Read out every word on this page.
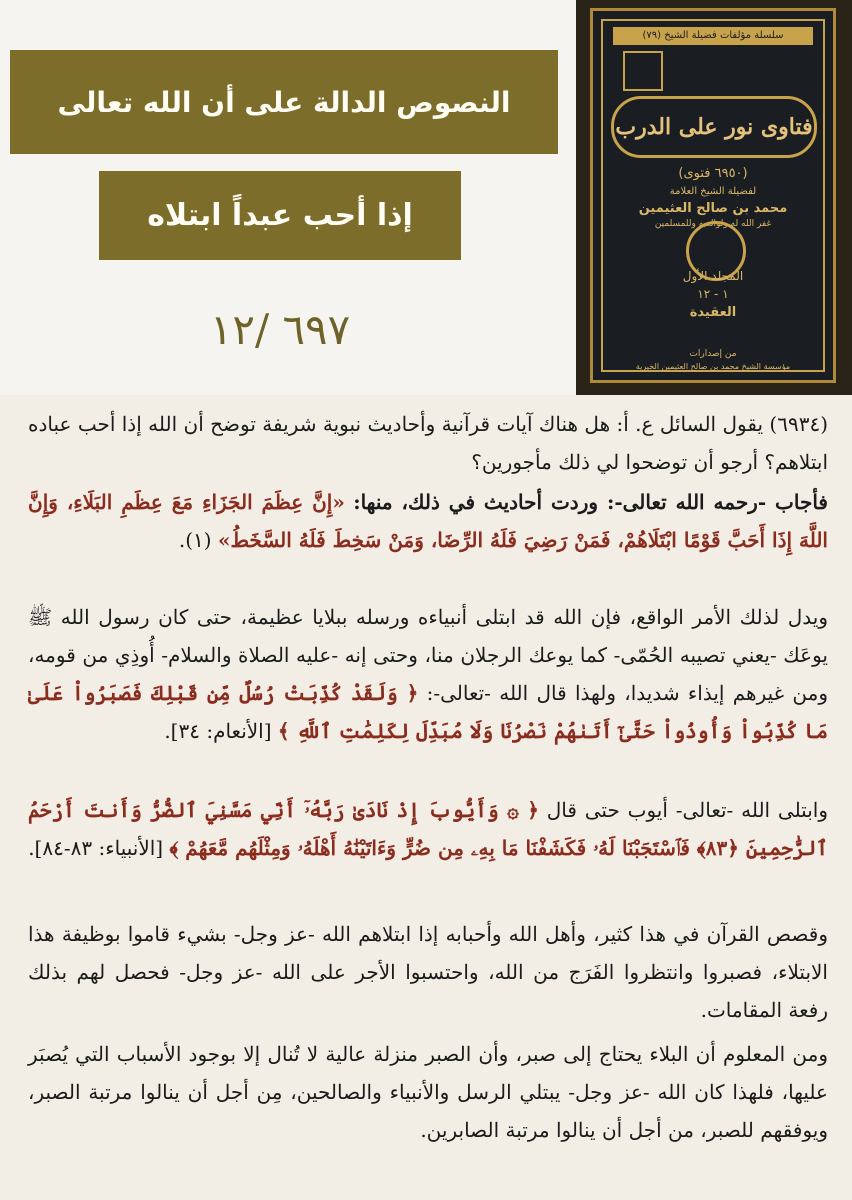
النصوص الدالة على أن الله تعالى
إذا أحب عبداً ابتلاه
٦٩٧ /١٢
سلسلة مؤلفات فضيلة الشيخ (٧٩)
فتاوى نور على الدرب
(٦٩٥٠ فتوى)
لفضيلة الشيخ العلامة
محمد بن صالح العثيمين
غفر الله له ولوالديه وللمسلمين
المجلد الأول
١ - ١٢
العقيدة
من إصدارات
مؤسسة الشيخ محمد بن صالح العثيمين الخيرية
(٦٩٣٤) يقول السائل ع. أ: هل هناك آيات قرآنية وأحاديث نبوية شريفة توضح أن الله إذا أحب عباده ابتلاهم؟ أرجو أن توضحوا لي ذلك مأجورين؟
فأجاب -رحمه الله تعالى-: وردت أحاديث في ذلك، منها: «إِنَّ عِظَمَ الجَزَاءِ مَعَ عِظَمِ البَلَاءِ، وَإِنَّ اللَّهَ إِذَا أَحَبَّ قَوْمًا ابْتَلَاهُمْ، فَمَنْ رَضِيَ فَلَهُ الرِّضَا، وَمَنْ سَخِطَ فَلَهُ السَّخَطُ» (١).
ويدل لذلك الأمر الواقع، فإن الله قد ابتلى أنبياءه ورسله ببلايا عظيمة، حتى كان رسول الله ﷺ يوعَك -يعني تصيبه الحُمّى- كما يوعك الرجلان منا، وحتى إنه -عليه الصلاة والسلام- أُوذِي من قومه، ومن غيرهم إيذاء شديدا، ولهذا قال الله -تعالى-: ﴿ وَلَقَدْ كُذِّبَتْ رُسُلٌ مِّن قَبْلِكَ فَصَبَرُواْ عَلَىٰ مَا كُذِّبُواْ وَأُوذُواْ حَتَّىٰٓ أَتَىٰهُمْ نَصْرُنَا وَلَا مُبَدِّلَ لِكَلِمَٰتِ ٱللَّهِ ﴾ [الأنعام: ٣٤].
وابتلى الله -تعالى- أيوب حتى قال ﴿ ۞ وَأَيُّوبَ إِذْ نَادَىٰ رَبَّهُۥٓ أَنِّي مَسَّنِيَ ٱلضُّرُّ وَأَنتَ أَرْحَمُ ٱلرَّٰحِمِينَ ﴿٨٣﴾ فَٱسْتَجَبْنَا لَهُۥ فَكَشَفْنَا مَا بِهِۦ مِن ضُرٍّ وَءَاتَيْنَٰهُ أَهْلَهُۥ وَمِثْلَهُم مَّعَهُمْ ﴾ [الأنبياء: ٨٣-٨٤].
وقصص القرآن في هذا كثير، وأهل الله وأحبابه إذا ابتلاهم الله -عز وجل- بشيء قاموا بوظيفة هذا الابتلاء، فصبروا وانتظروا الفَرَج من الله، واحتسبوا الأجر على الله -عز وجل- فحصل لهم بذلك رفعة المقامات.
ومن المعلوم أن البلاء يحتاج إلى صبر، وأن الصبر منزلة عالية لا تُنال إلا بوجود الأسباب التي يُصبَر عليها، فلهذا كان الله -عز وجل- يبتلي الرسل والأنبياء والصالحين، مِن أجل أن ينالوا مرتبة الصبر، ويوفقهم للصبر، من أجل أن ينالوا مرتبة الصابرين.
